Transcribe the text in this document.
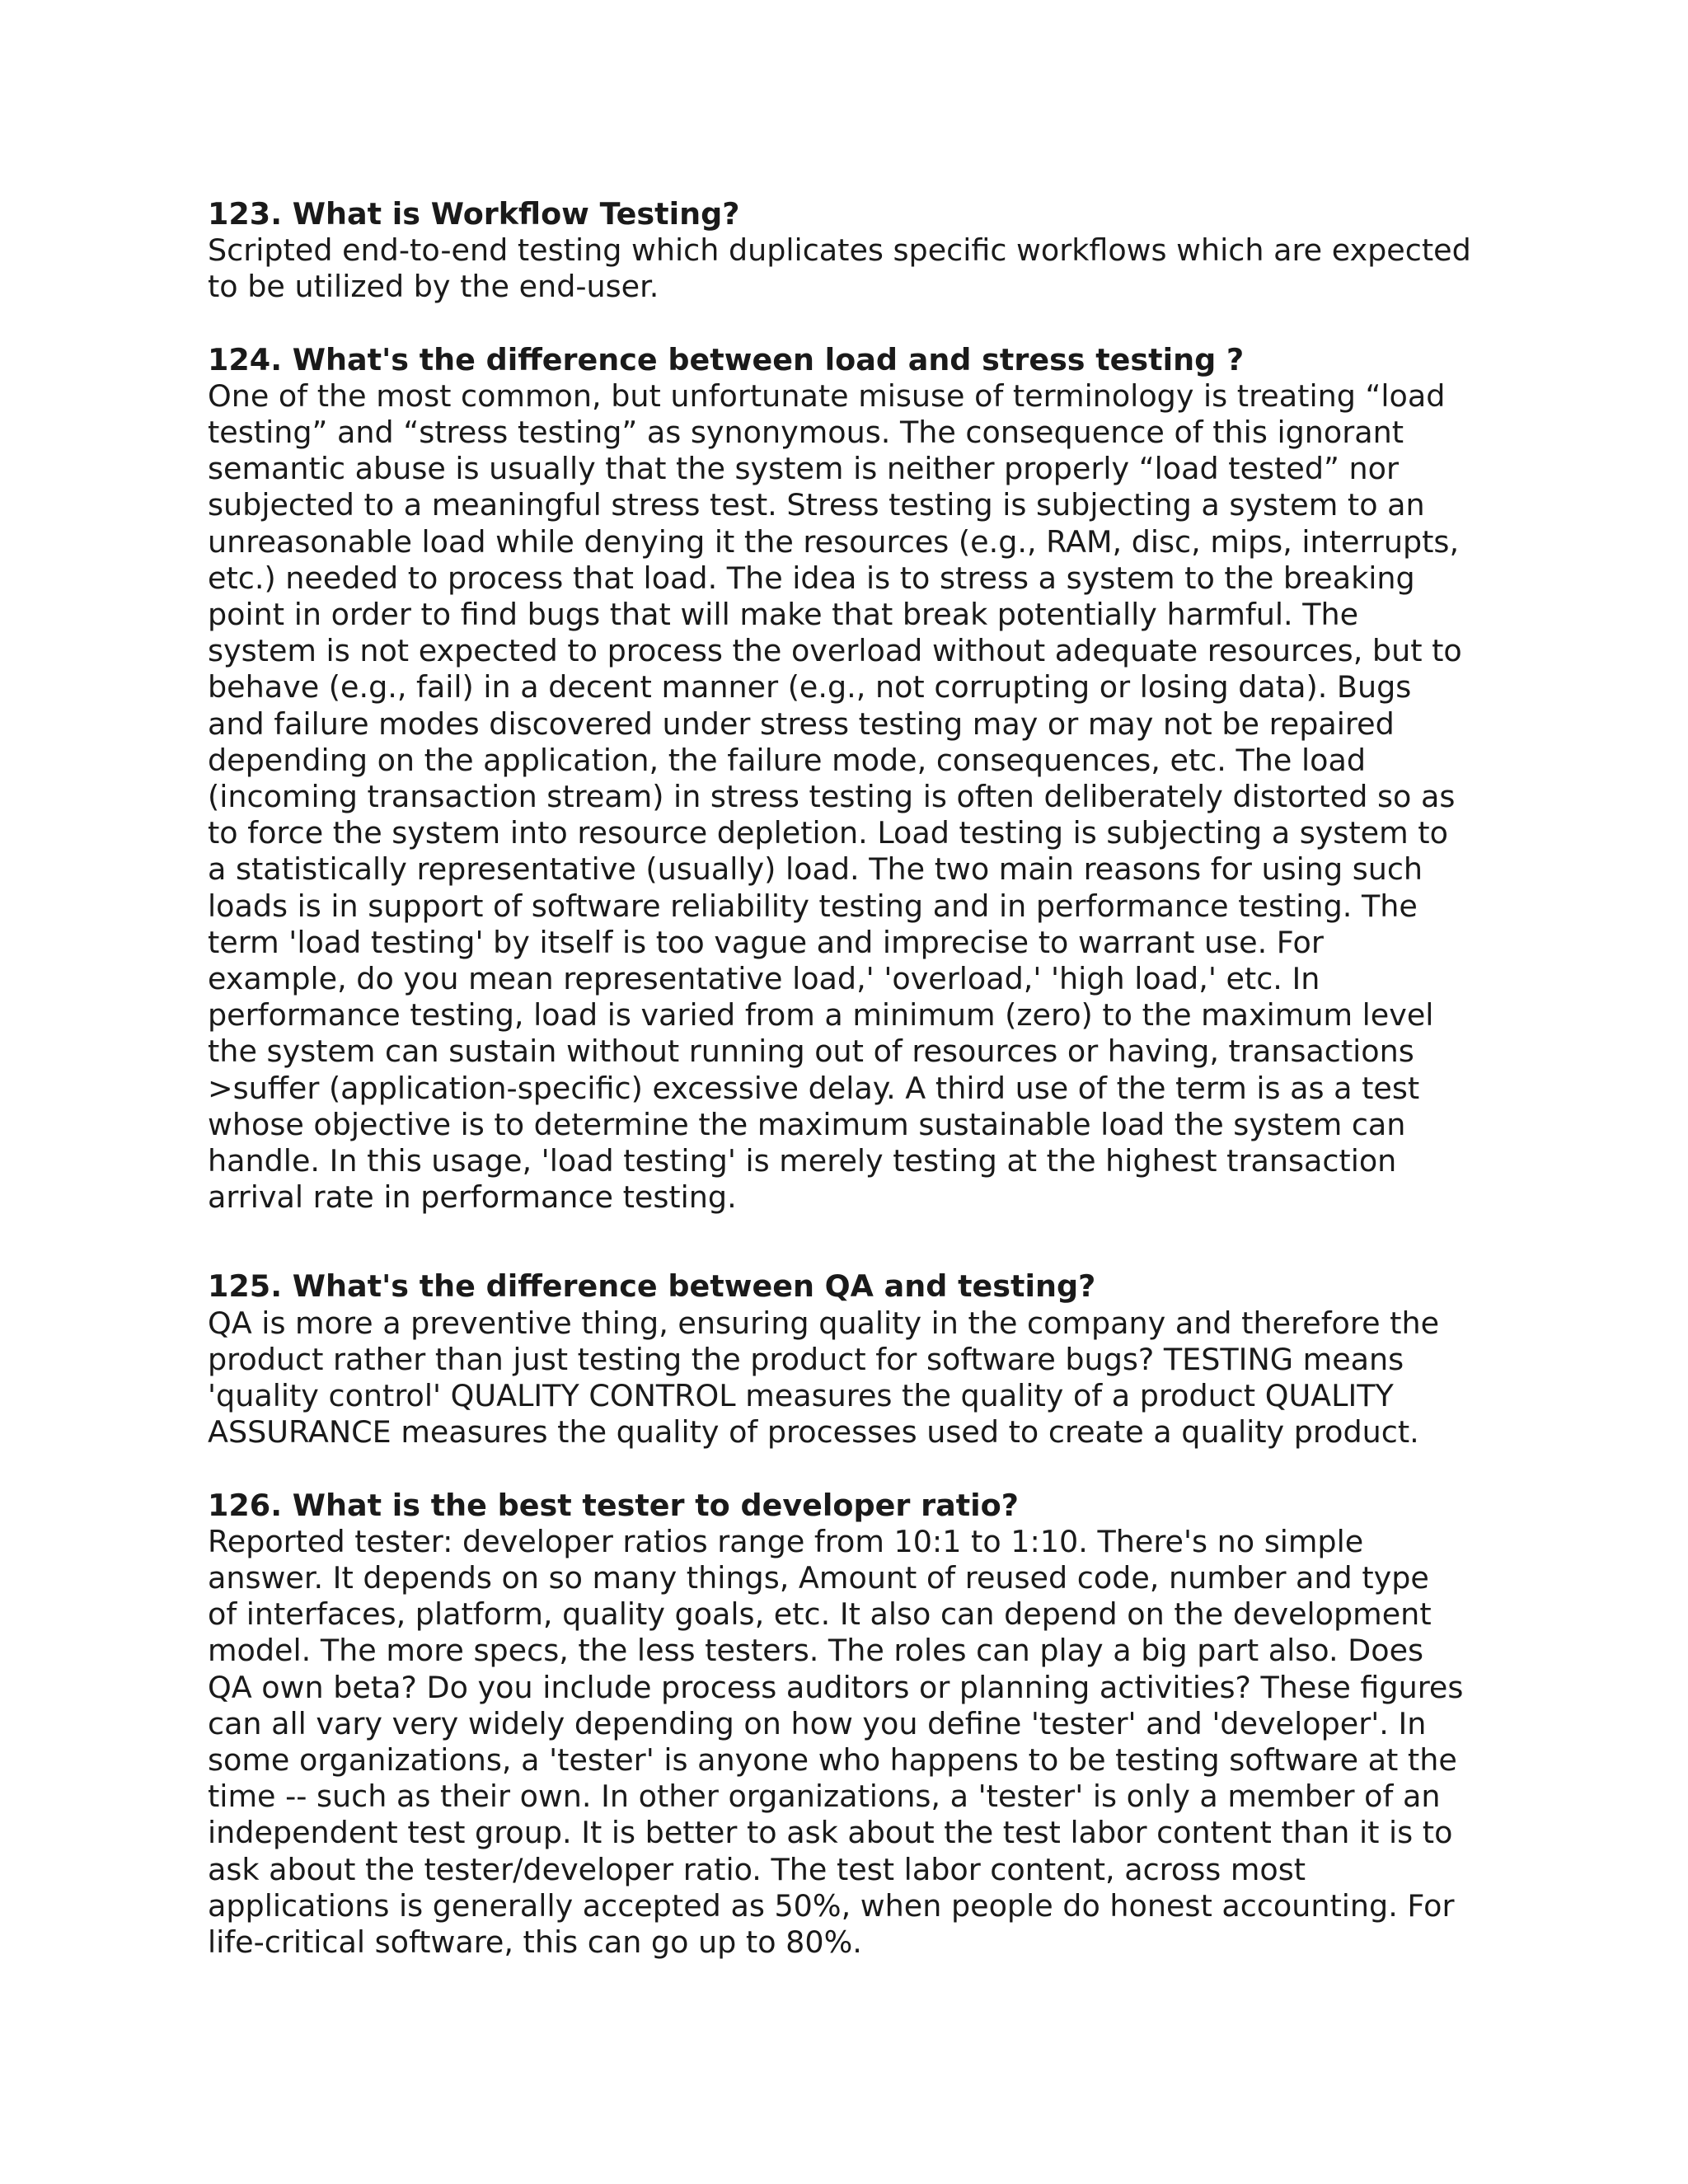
123. What is Workflow Testing?
Scripted end-to-end testing which duplicates specific workflows which are expected
to be utilized by the end-user.
124. What's the difference between load and stress testing ?
One of the most common, but unfortunate misuse of terminology is treating “load
testing” and “stress testing” as synonymous. The consequence of this ignorant
semantic abuse is usually that the system is neither properly “load tested” nor
subjected to a meaningful stress test. Stress testing is subjecting a system to an
unreasonable load while denying it the resources (e.g., RAM, disc, mips, interrupts,
etc.) needed to process that load. The idea is to stress a system to the breaking
point in order to find bugs that will make that break potentially harmful. The
system is not expected to process the overload without adequate resources, but to
behave (e.g., fail) in a decent manner (e.g., not corrupting or losing data). Bugs
and failure modes discovered under stress testing may or may not be repaired
depending on the application, the failure mode, consequences, etc. The load
(incoming transaction stream) in stress testing is often deliberately distorted so as
to force the system into resource depletion. Load testing is subjecting a system to
a statistically representative (usually) load. The two main reasons for using such
loads is in support of software reliability testing and in performance testing. The
term 'load testing' by itself is too vague and imprecise to warrant use. For
example, do you mean representative load,' 'overload,' 'high load,' etc. In
performance testing, load is varied from a minimum (zero) to the maximum level
the system can sustain without running out of resources or having, transactions
>suffer (application-specific) excessive delay. A third use of the term is as a test
whose objective is to determine the maximum sustainable load the system can
handle. In this usage, 'load testing' is merely testing at the highest transaction
arrival rate in performance testing.
125. What's the difference between QA and testing?
QA is more a preventive thing, ensuring quality in the company and therefore the
product rather than just testing the product for software bugs? TESTING means
'quality control' QUALITY CONTROL measures the quality of a product QUALITY
ASSURANCE measures the quality of processes used to create a quality product.
126. What is the best tester to developer ratio?
Reported tester: developer ratios range from 10:1 to 1:10. There's no simple
answer. It depends on so many things, Amount of reused code, number and type
of interfaces, platform, quality goals, etc. It also can depend on the development
model. The more specs, the less testers. The roles can play a big part also. Does
QA own beta? Do you include process auditors or planning activities? These figures
can all vary very widely depending on how you define 'tester' and 'developer'. In
some organizations, a 'tester' is anyone who happens to be testing software at the
time -- such as their own. In other organizations, a 'tester' is only a member of an
independent test group. It is better to ask about the test labor content than it is to
ask about the tester/developer ratio. The test labor content, across most
applications is generally accepted as 50%, when people do honest accounting. For
life-critical software, this can go up to 80%.
